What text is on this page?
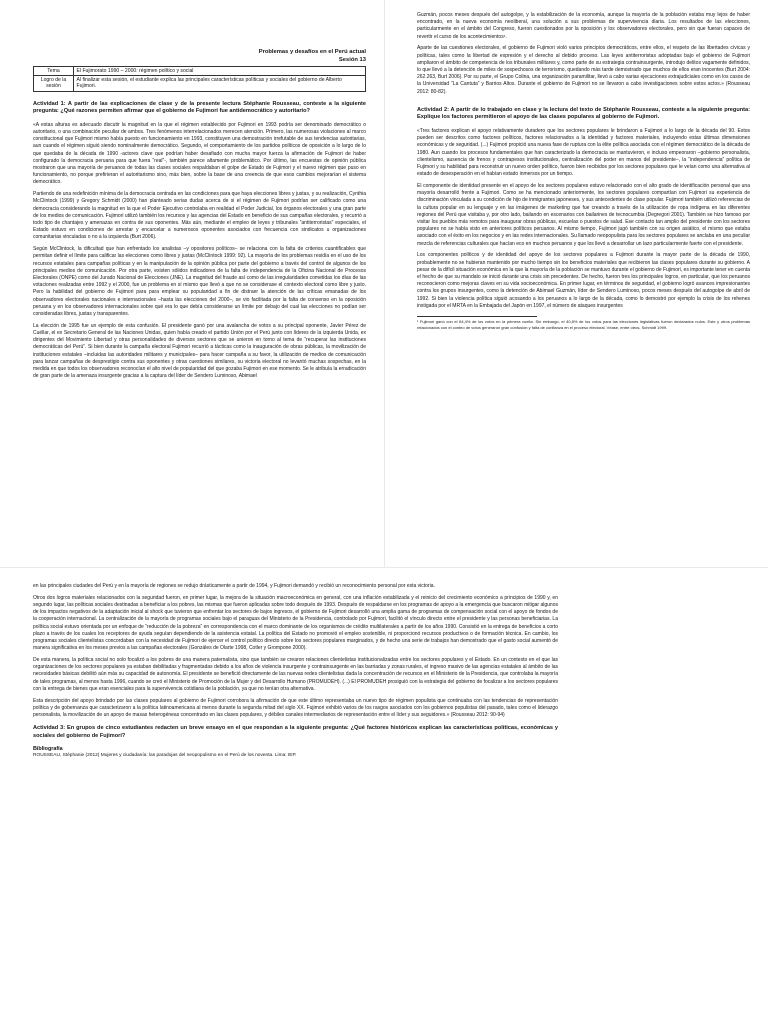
Problemas y desafíos en el Perú actual
Sesión 13
Tema	El Fujimorato 1990 – 2000: régimen político y social
Logro de la sesión	Al finalizar esta sesión, el estudiante explica las principales características políticas y sociales del gobierno de Alberto Fujimori.

Actividad 1: A partir de las explicaciones de clase y de la presente lectura Stéphanie Rousseau, conteste a la siguiente pregunta: ¿Qué razones permiten afirmar que el gobierno de Fujimori fue antidemocrático y autoritario?

«A estas alturas es adecuado discutir la magnitud en la que el régimen establecido por Fujimori en 1993 podría ser denominado democrático o autoritario, o una combinación peculiar de ambos. Tres fenómenos interrelacionados merecen atención. Primero, las numerosas violaciones al marco constitucional que Fujimori mismo había puesto en funcionamiento en 1993, constituyen una demostración irrefutable de sus tendencias autoritarias, aun cuando el régimen siguió siendo nominalmente democrático. Segundo, el comportamiento de los partidos políticos de oposición a lo largo de lo que quedaba de la década de 1990 -actores clave que podrían haber desafiado con mucha mayor fuerza la afirmación de Fujimori de haber configurado la democracia peruana para que fuera “real”-, también parece altamente problemático. Por último, las encuestas de opinión pública mostraron que una mayoría de peruanos de todas las clases sociales respaldaban el golpe de Estado de Fujimori y el nuevo régimen que puso en funcionamiento, no porque prefirieran el autoritarismo sino, más bien, sobre la base de una creencia de que esos cambios mejorarían el sistema democrático.

Partiendo de una redefinición mínima de la democracia centrada en las condiciones para que haya elecciones libres y justas, y su realización, Cynthia McClintock (1999) y Gregory Schmidt (2000) han planteado serias dudas acerca de si el régimen de Fujimori podrían ser calificado como una democracia considerando la magnitud en la que el Poder Ejecutivo controlaba en realidad el Poder Judicial, los órganos electorales y una gran parte de los medios de comunicación. Fujimori utilizó también los recursos y las agencias del Estado en beneficio de sus campañas electorales, y recurrió a todo tipo de chantajes y amenazas en contra de sus oponentes. Más aún, mediante el empleo de leyes y tribunales “antiterroristas” especiales, el Estado estuvo en condiciones de arrestar y encarcelar a numerosos oponentes asociados con frecuencia con sindicatos u organizaciones comunitarias vinculadas o no a la izquierda (Burt 2006).

Según McClintock, la dificultad que han enfrentado los analistas –y opositores políticos– se relaciona con la falta de criterios cuantificables que permitan definir el límite para calificar las elecciones como libres y justas (McClintock 1999: 92). La mayoría de los problemas residía en el uso de los recursos estatales para campañas políticas y en la manipulación de la opinión pública por parte del gobierno a través del control de algunos de los principales medios de comunicación. Por otra parte, existen sólidos indicadores de la falta de independencia de la Oficina Nacional de Procesos Electorales (ONPE) como del Jurado Nacional de Elecciones (JNE). La magnitud del fraude así como de las irregularidades cometidas los días de las votaciones realizadas entre 1992 y el 2000, fue un problema en sí mismo que llevó a que no se considerase el contexto electoral como libre y justo. Pero la habilidad del gobierno de Fujimori para para emplear su popularidad a fin de distraer la atención de las críticas emanadas de los observadores electorales nacionales e internacionales –hasta las elecciones del 2000–, se vio facilitada por la falta de consenso en la oposición peruana y en los observadores internacionales sobre qué era lo que debía considerarse un límite por debajo del cual las elecciones no podían ser consideradas libres, justas y transparentes.

La elección de 1995 fue un ejemplo de esta confusión. El presidente ganó por una avalancha de votos a su principal oponente, Javier Pérez de Cuéllar, el ex Secretario General de las Naciones Unidas, quien había creado el partido Unión por el Perú junto con líderes de la izquierda Unida, ex dirigentes del Movimiento Libertad y otras personalidades de diversos sectores que se unieron en torno al tema de “recuperar las instituciones democráticas del Perú”. Si bien durante la campaña electoral Fujimori recurrió a tácticas como la inauguración de obras públicas, la movilización de instituciones estatales –incluidas las autoridades militares y municipales– para hacer campaña a su favor, la utilización de medios de comunicación para lanzar campañas de desprestigio contra sus oponentes y otras cuestiones similares, su victoria electoral no levantó muchas sospechas, en la medida en que todos los observadores reconocían el alto nivel de popularidad del que gozaba Fujimori en ese momento. Se le atribuía la erradicación de gran parte de la amenaza insurgente gracias a la captura del líder de Sendero Luminoso, Abimael

Guzmán, pocos meses después del autogolpe, y la estabilización de la economía, aunque la mayoría de la población estaba muy lejos de haber encontrado, en la nueva economía neoliberal, una solución a sus problemas de supervivencia diaria. Los resultados de las elecciones, particularmente en el ámbito del Congreso, fueron cuestionados por la oposición y los observadores electorales, pero sin que fueran capaces de revertir el curso de los acontecimientos¹.

Aparte de las cuestiones electorales, el gobierno de Fujimori violó varios principios democráticos, entre ellos, el respeto de las libertades cívicas y políticas, tales como la libertad de expresión y el derecho al debido proceso. Las leyes antiterroristas adoptadas bajo el gobierno de Fujimori ampliaron el ámbito de competencia de los tribunales militares y, como parte de su estrategia contrainsurgente, introdujo delitos vagamente definidos, lo que llevó a la detención de miles de sospechosos de terrorismo, quedando más tarde demostrado que muchos de ellos eran inocentes (Burt 2004: 262.263, Burt 2006). Por su parte, el Grupo Colina, una organización paramilitar, llevó a cabo varias ejecuciones extrajudiciales como en los casos de la Universidad “La Cantuta” y Barrios Altos. Durante el gobierno de Fujimori no se llevaron a cabo investigaciones sobre estos actos.» (Rousseau 2012: 80-82).

Actividad 2: A partir de lo trabajado en clase y la lectura del texto de Stéphanie Rousseau, conteste a la siguiente pregunta: Explique los factores permitieron el apoyo de las clases populares al gobierno de Fujimori.

«Tres factores explican el apoyo relativamente duradero que los sectores populares le brindaron a Fujimori a lo largo de la década del 90. Estos pueden ser descritos como factores políticos, factores relacionados a la identidad y factores materiales, incluyendo estas últimas dimensiones económicas y de seguridad. (...) Fujimori propició una nueva fase de ruptura con la élite política asociada con el régimen democrático de la década de 1980. Aun cuando los procesos fundamentales que han caracterizado la democracia se mantuvieron, e incluso empeoraron –gobierno personalista, clientelismo, ausencia de frenos y contrapesos institucionales, centralización del poder en manos del presidente–, la “independencia” política de Fujimori y su habilidad para reconstruir un nuevo orden político, fueron bien recibidos por los sectores populares que le veían como una alternativa al estado de desesperación en el habían estado inmersos por un tiempo.

El componente de identidad presente en el apoyo de los sectores populares estuvo relacionado con el alto grado de identificación personal que una mayoría desarrolló frente a Fujimori. Como se ha mencionado anteriormente, los sectores populares compartían con Fujimori su experiencia de discriminación vinculada a su condición de hijo de inmigrantes japoneses, y sus antecedentes de clase popular. Fujimori también utilizó referencias de la cultura popular en su lenguaje y en las imágenes de marketing que fue creando a través de la utilización de ropa indígena en las diferentes regiones del Perú que visitaba y, por otro lado, bailando en escenarios con bailarines de tecnocumbia (Degregori 2001). También se hizo famoso por visitar los pueblos más remotos para inaugurar obras públicas, escuelas o puestos de salud. Ese contacto tan amplio del presidente con los sectores populares no se había visto en anteriores políticos peruanos. Al mismo tiempo, Fujimori jugó también con su origen asiático, el mismo que estaba asociado con el éxito en los negocios y en las redes internacionales. Su llamado neopopulista para los sectores populares se anclaba en una peculiar mezcla de referencias culturales que hacían eco en muchos peruanos y que los llevó a desarrollar un lazo particularmente fuerte con el presidente.

Los componentes políticos y de identidad del apoyo de los sectores populares a Fujimori durante la mayor parte de la década de 1990, probablemente no se hubieran mantenido por mucho tiempo sin los beneficios materiales que recibieron las clases populares durante su gobierno. A pesar de la difícil situación económica en la que la mayoría de la población se mantuvo durante el gobierno de Fujimori, es importante tener en cuenta el hecho de que su mandato se inició durante una crisis sin precedentes. De hecho, fueron tres los principales logros, en particular, que los peruanos reconocieron como mejoras claves en su vida socioeconómica. En primer lugar, en términos de seguridad, el gobierno logró avances impresionantes contra los grupos insurgentes, como la detención de Abimael Guzmán, líder de Sendero Luminoso, pocos meses después del autogolpe de abril de 1992. Si bien la violencia política siguió acosando a los peruanos a lo largo de la década, como lo demostró por ejemplo la crisis de los rehenes instigada por el MRTA en la Embajada del Japón en 1997, el número de ataques insurgentes

¹ Fujimori ganó con el 64,4% de los votos en la primera vuelta. Sin embargo, el 40,8% de los votos para las elecciones legislativas fueron declarados nulos. Este y otros problemas relacionados con el conteo de votos generaron gran confusión y falta de confianza en el proceso electoral. Véase, entre otros, Schmidt 1999.

en las principales ciudades del Perú y en la mayoría de regiones se redujo drásticamente a partir de 1994, y Fujimori demandó y recibió un reconocimiento personal por esta victoria.

Otros dos logros materiales relacionados con la seguridad fueron, en primer lugar, la mejora de la situación macroeconómica en general, con una inflación estabilizada y el reinicio del crecimiento económico a principios de 1990 y, en segundo lugar, las políticas sociales destinadas a beneficiar a los pobres, las mismas que fueron aplicadas sobre todo después de 1993. Después de respaldarse en los programas de apoyo a la emergencia que buscaron mitigar algunos de los impactos negativos de la adaptación inicial al shock que tuvieron que enfrentar los sectores de bajos ingresos, el gobierno de Fujimori desarrolló una amplia gama de programas de compensación social con el apoyo de fondos de la cooperación internacional. La centralización de la mayoría de programas sociales bajo el paraguas del Ministerio de la Presidencia, controlado por Fujimori, facilitó el vínculo directo entre el presidente y las personas beneficiarias. La política social estuvo orientada por un enfoque de “reducción de la pobreza” en correspondencia con el marco dominante de los organismos de crédito multilaterales a partir de los años 1990. Consistió en la entrega de beneficios a corto plazo a través de los cuales los receptores de ayuda seguían dependiendo de la asistencia estatal. La política del Estado no promovió el empleo sostenible, ni proporcionó recursos productivos o de formación técnica. En cambio, los programas sociales clientelistas concordaban con la necesidad de Fujimori de ejercer el control político directo sobre los sectores populares marginados, y de hecho una serie de trabajos han demostrado que el gasto social aumentó de manera significativa en los meses previos a las campañas electorales (Gonzáles de Olarte 1998, Cotler y Grompone 2000).

De esta manera, la política social no solo focalizó a los pobres de una manera paternalista, sino que también se crearon relaciones clientelistas institucionalizadas entre los sectores populares y el Estado. En un contexto en el que las organizaciones de los sectores populares ya estaban debilitadas y fragmentadas debido a los años de violencia insurgente y contrainsurgente en las barriadas y zonas rurales, el ingreso masivo de las agencias estatales al ámbito de las necesidades básicas debilitó aún más su capacidad de autonomía. El presidente se benefició directamente de las nuevas redes clientelistas dada la concentración de recursos en el Ministerio de la Presidencia, que controlaba la mayoría de tales programas, al menos hasta 1996, cuando se creó el Ministerio de Promoción de la Mujer y del Desarrollo Humano (PROMUDEH). (...) El PROMUDEH prosiguió con la estrategia del gobierno de focalizar a los sectores populares con la entrega de bienes que eran esenciales para la supervivencia cotidiana de la población, ya que no tenían otra alternativa.

Esta descripción del apoyo brindado por las clases populares al gobierno de Fujimori corrobora la afirmación de que este último representaba un nuevo tipo de régimen populista que continuaba con las tendencias de representación política y de gobernanza que caracterizaron a la política latinoamericana al menos durante la segunda mitad del siglo XX. Fujimori exhibió varios de los rasgos asociados con los gobiernos populistas del pasado, tales como el liderazgo personalista, la movilización de un apoyo de masas heterogéneas concentrado en las clases populares, y débiles canales intermediarios de representación entre el líder y sus seguidores.» (Rousseau 2012: 90-94)

Actividad 3: En grupos de cinco estudiantes redacten un breve ensayo en el que respondan a la siguiente pregunta: ¿Qué factores históricos explican las características políticas, económicas y sociales del gobierno de Fujimori?

Bibliografía

ROUSSEAU, Stéphanie (2012) Mujeres y ciudadanía: las paradojas del neopopulismo en el Perú de los noventa. Lima: IEP.
